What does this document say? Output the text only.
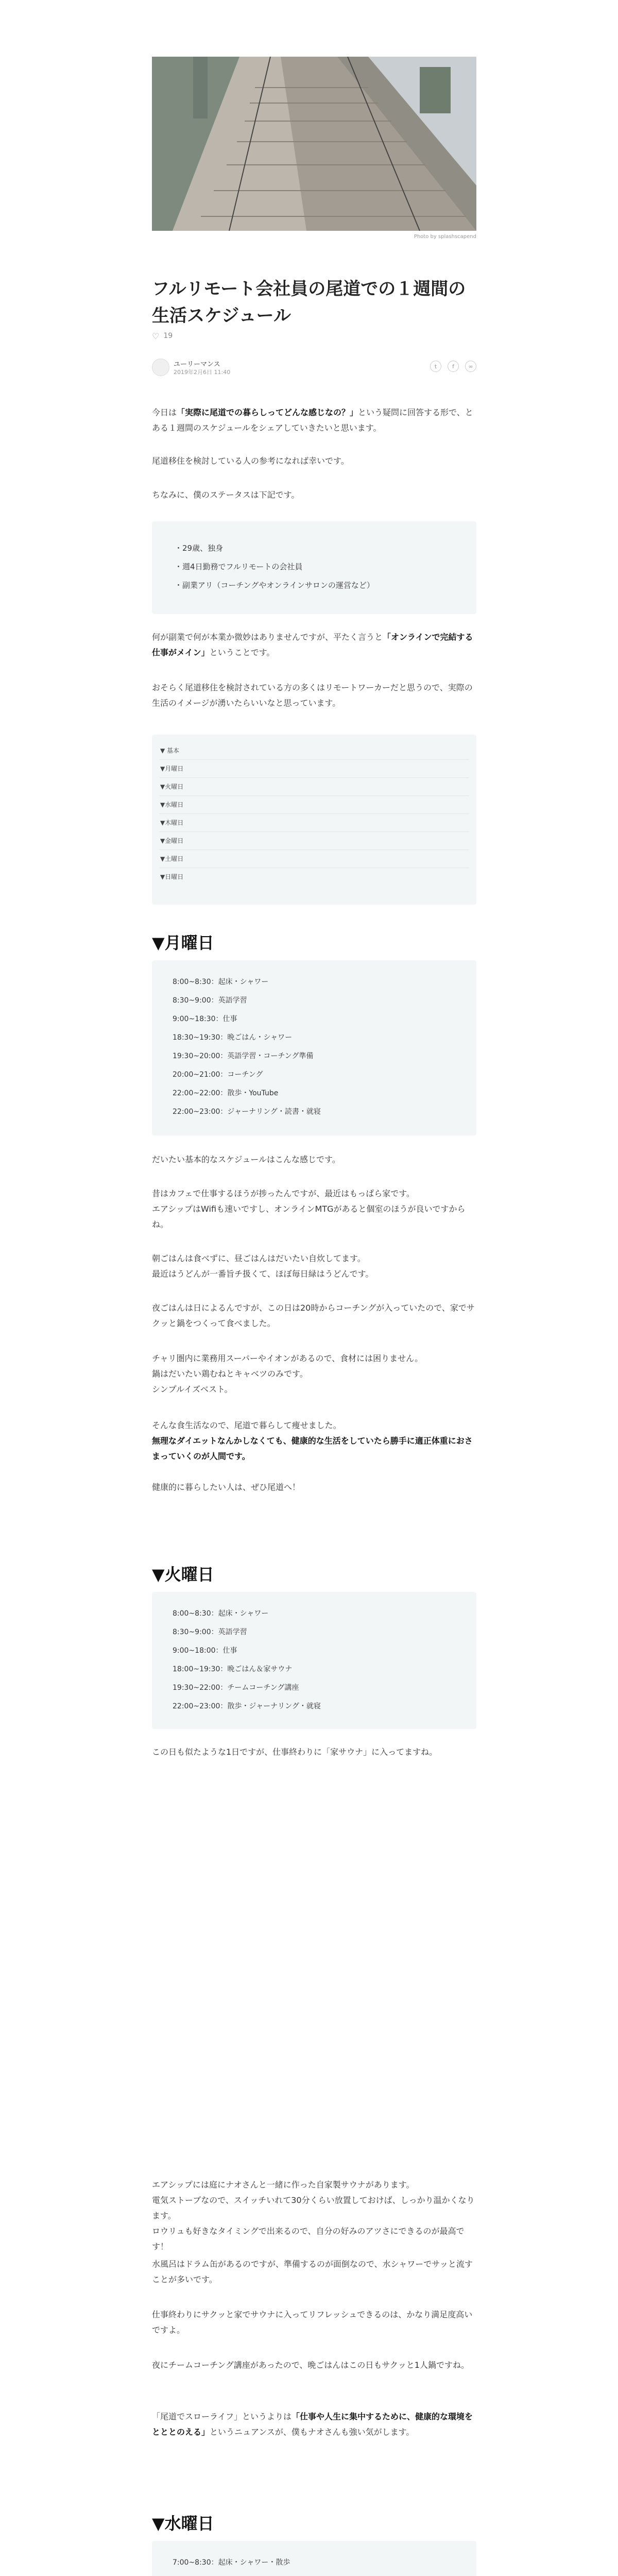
Photo by splashscapend
フルリモート会社員の尾道での１週間の生活スケジュール
♡ 19
ユーリーマンス
2019年2月6日 11:40
t	f	∞

今日は「実際に尾道での暮らしってどんな感じなの？」という疑問に回答する形で、とある１週間のスケジュールをシェアしていきたいと思います。

尾道移住を検討している人の参考になれば幸いです。

ちなみに、僕のステータスは下記です。

・29歳、独身
・週4日勤務でフルリモートの会社員
・副業アリ（コーチングやオンラインサロンの運営など）

何が副業で何が本業か微妙はありませんですが、平たく言うと「オンラインで完結する仕事がメイン」ということです。

おそらく尾道移住を検討されている方の多くはリモートワーカーだと思うので、実際の生活のイメージが湧いたらいいなと思っています。

▼ 基本
▼月曜日
▼火曜日
▼水曜日
▼木曜日
▼金曜日
▼土曜日
▼日曜日
▼月曜日
8:00~8:30：起床・シャワー
8:30~9:00：英語学習
9:00~18:30：仕事
18:30~19:30：晩ごはん・シャワー
19:30~20:00：英語学習・コーチング準備
20:00~21:00：コーチング
22:00~22:00：散歩・YouTube
22:00~23:00：ジャーナリング・読書・就寝

だいたい基本的なスケジュールはこんな感じです。

昔はカフェで仕事するほうが捗ったんですが、最近はもっぱら家です。

エアシップはWifiも速いですし、オンラインMTGがあると個室のほうが良いですからね。

朝ごはんは食べずに、昼ごはんはだいたい自炊してます。

最近はうどんが一番旨チ扱くて、ほぼ毎日緑はうどんです。

夜ごはんは日によるんですが、この日は20時からコーチングが入っていたので、家でサクッと鍋をつくって食べました。

チャリ圏内に業務用スーパーやイオンがあるので、食材には困りません。

鍋はだいたい鶏むねとキャベツのみです。

シンプルイズベスト。

そんな食生活なので、尾道で暮らして痩せました。

無理なダイエットなんかしなくても、健康的な生活をしていたら勝手に適正体重におさまっていくのが人間です。

健康的に暮らしたい人は、ぜひ尾道へ！

▼火曜日
8:00~8:30：起床・シャワー
8:30~9:00：英語学習
9:00~18:00：仕事
18:00~19:30：晩ごはん＆家サウナ
19:30~22:00：チームコーチング講座
22:00~23:00：散歩・ジャーナリング・就寝

この日も似たような1日ですが、仕事終わりに「家サウナ」に入ってますね。

エアシップには庭にナオさんと一緒に作った自家製サウナがあります。

電気ストーブなので、スイッチいれて30分くらい放置しておけば、しっかり温かくなります。

ロウリュも好きなタイミングで出来るので、自分の好みのアツさにできるのが最高です！

水風呂はドラム缶があるのですが、準備するのが面倒なので、水シャワーでサッと流すことが多いです。

仕事終わりにサクッと家でサウナに入ってリフレッシュできるのは、かなり満足度高いですよ。

夜にチームコーチング講座があったので、晩ごはんはこの日もサクッと1人鍋ですね。

「尾道でスローライフ」というよりは「仕事や人生に集中するために、健康的な環境をとととのえる」というニュアンスが、僕もナオさんも強い気がします。

▼水曜日
7:00~8:30：起床・シャワー・散歩
